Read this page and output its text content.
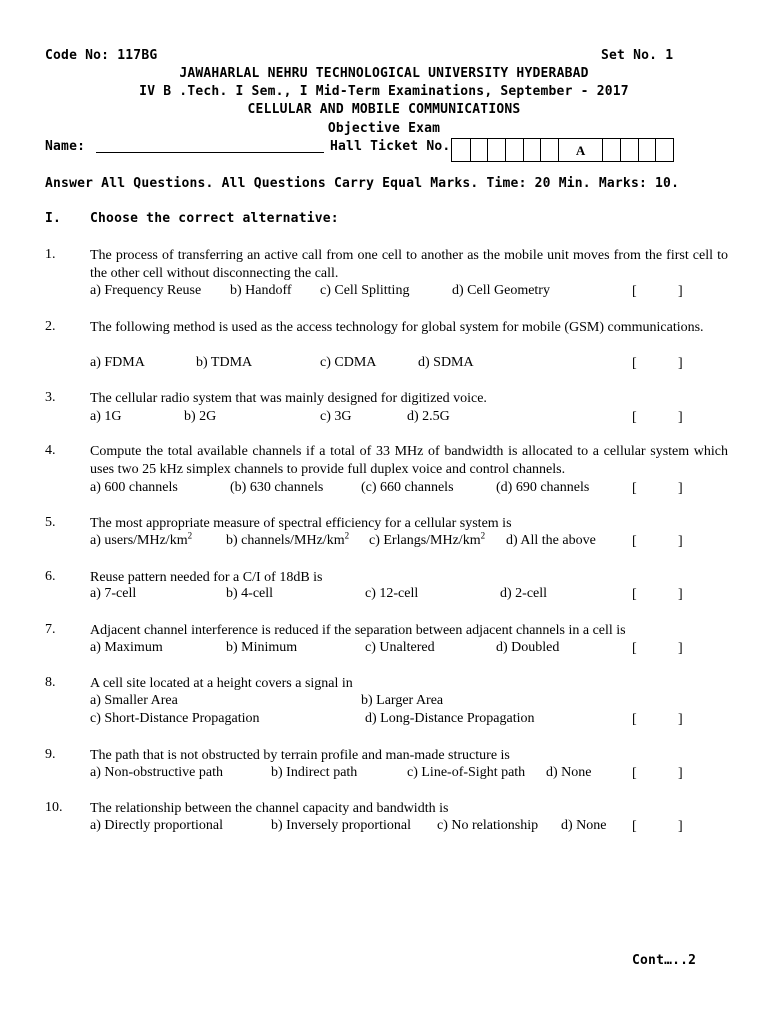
Code No: 117BG	Set No. 1
JAWAHARLAL NEHRU TECHNOLOGICAL UNIVERSITY HYDERABAD
IV B .Tech. I Sem., I Mid-Term Examinations, September - 2017
CELLULAR AND MOBILE COMMUNICATIONS
Objective Exam
Name:	Hall Ticket No.	A
Answer All Questions. All Questions Carry Equal Marks. Time: 20 Min. Marks: 10.
I. Choose the correct alternative:
1. The process of transferring an active call from one cell to another as the mobile unit moves from the first cell to the other cell without disconnecting the call.
a) Frequency Reuse b) Handoff c) Cell Splitting	d) Cell Geometry	[	]
2. The following method is used as the access technology for global system for mobile (GSM) communications.
a) FDMA	b) TDMA	c) CDMA	d) SDMA	[	]
3. The cellular radio system that was mainly designed for digitized voice.
a) 1G	b) 2G	c) 3G	d) 2.5G	[	]
4. Compute the total available channels if a total of 33 MHz of bandwidth is allocated to a cellular system which uses two 25 kHz simplex channels to provide full duplex voice and control channels.
a) 600 channels	(b) 630 channels	(c) 660 channels	(d) 690 channels	[	]
5. The most appropriate measure of spectral efficiency for a cellular system is
a) users/$MHz/km^2$ b) channels/$MHz/km^2$ c) Erlangs/$MHz/km^2$ d) All the above	[	]
6. Reuse pattern needed for a C/I of 18dB is
a) 7-cell	b) 4-cell	c) 12-cell	d) 2-cell	[	]
7. Adjacent channel interference is reduced if the separation between adjacent channels in a cell is
a) Maximum	b) Minimum	c) Unaltered	d) Doubled	[	]
8. A cell site located at a height covers a signal in
a) Smaller Area	b) Larger Area
c) Short-Distance Propagation	d) Long-Distance Propagation	[	]
9. The path that is not obstructed by terrain profile and man-made structure is
a) Non-obstructive path	b) Indirect path	c) Line-of-Sight path d) None	[	]
10. The relationship between the channel capacity and bandwidth is
a) Directly proportional	b) Inversely proportional c) No relationship d) None [	]
Cont…..2
